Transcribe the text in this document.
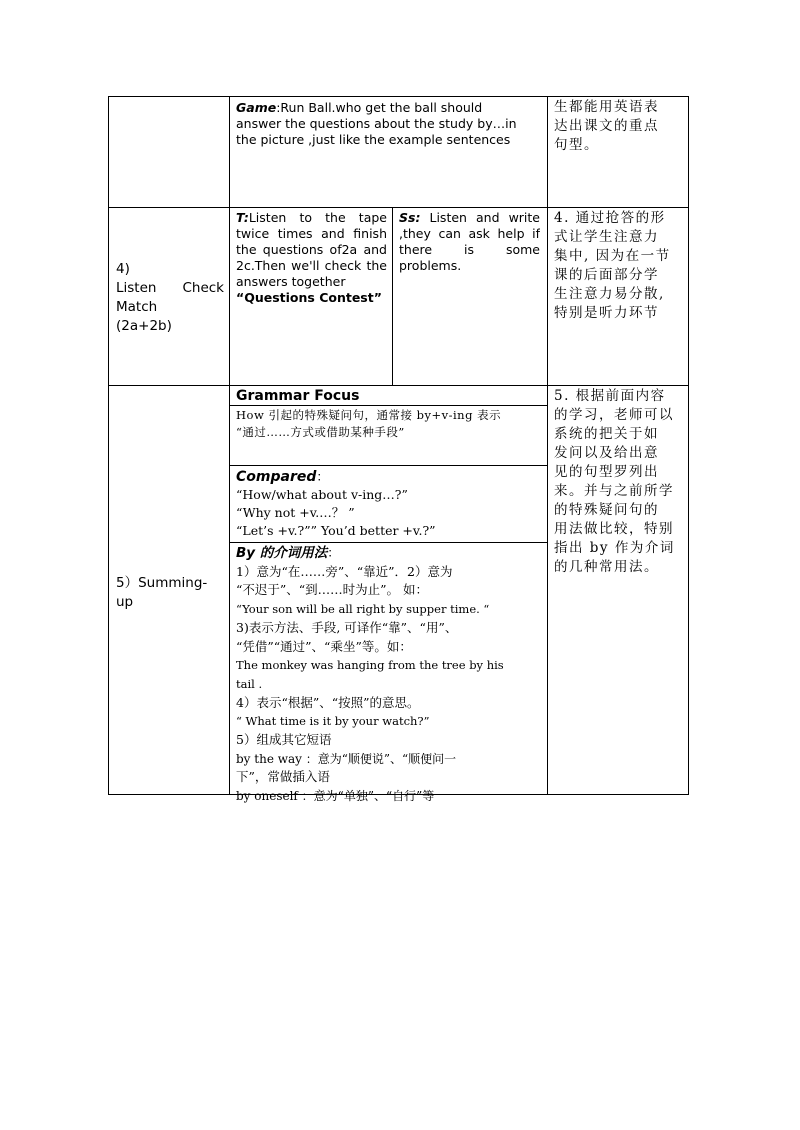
Game:Run Ball.who get the ball should answer the questions about the study by…in the picture ,just like the example sentences
生都能用英语表
达出课文的重点
句型。
4)
Listen Check
Match
(2a+2b)
T:Listen to the tape twice times and finish the questions of2a and 2c.Then we'll check the answers together
“Questions Contest”
Ss: Listen and write ,they can ask help if there is some problems.
4. 通过抢答的形
式让学生注意力
集中, 因为在一节
课的后面部分学
生注意力易分散,
特别是听力环节
5）Summing-
up
Grammar Focus
How 引起的特殊疑问句，通常接 by+v-ing 表示
“通过……方式或借助某种手段”
Compared：
“How/what about v-ing…?”
“Why not +v.…？ ”
“Let’s +v.?”” You’d better +v.?”
By 的介词用法：
1）意为“在……旁”、“靠近”．2）意为
“不迟于”、“到……时为止”。 如：
“Your son will be all right by supper time. “
3)表示方法、手段, 可译作“靠”、“用”、
“凭借”“通过”、“乘坐”等。如：
The monkey was hanging from the tree by his
tail .
4）表示“根据”、“按照”的意思。
“ What time is it by your watch?”
5）组成其它短语
by the way ：意为“顺便说”、“顺便问一
下”，常做插入语
by oneself ：意为“单独”、“自行”等
5. 根据前面内容
的学习，老师可以
系统的把关于如
发问以及给出意
见的句型罗列出
来。并与之前所学
的特殊疑问句的
用法做比较，特别
指出 by 作为介词
的几种常用法。
